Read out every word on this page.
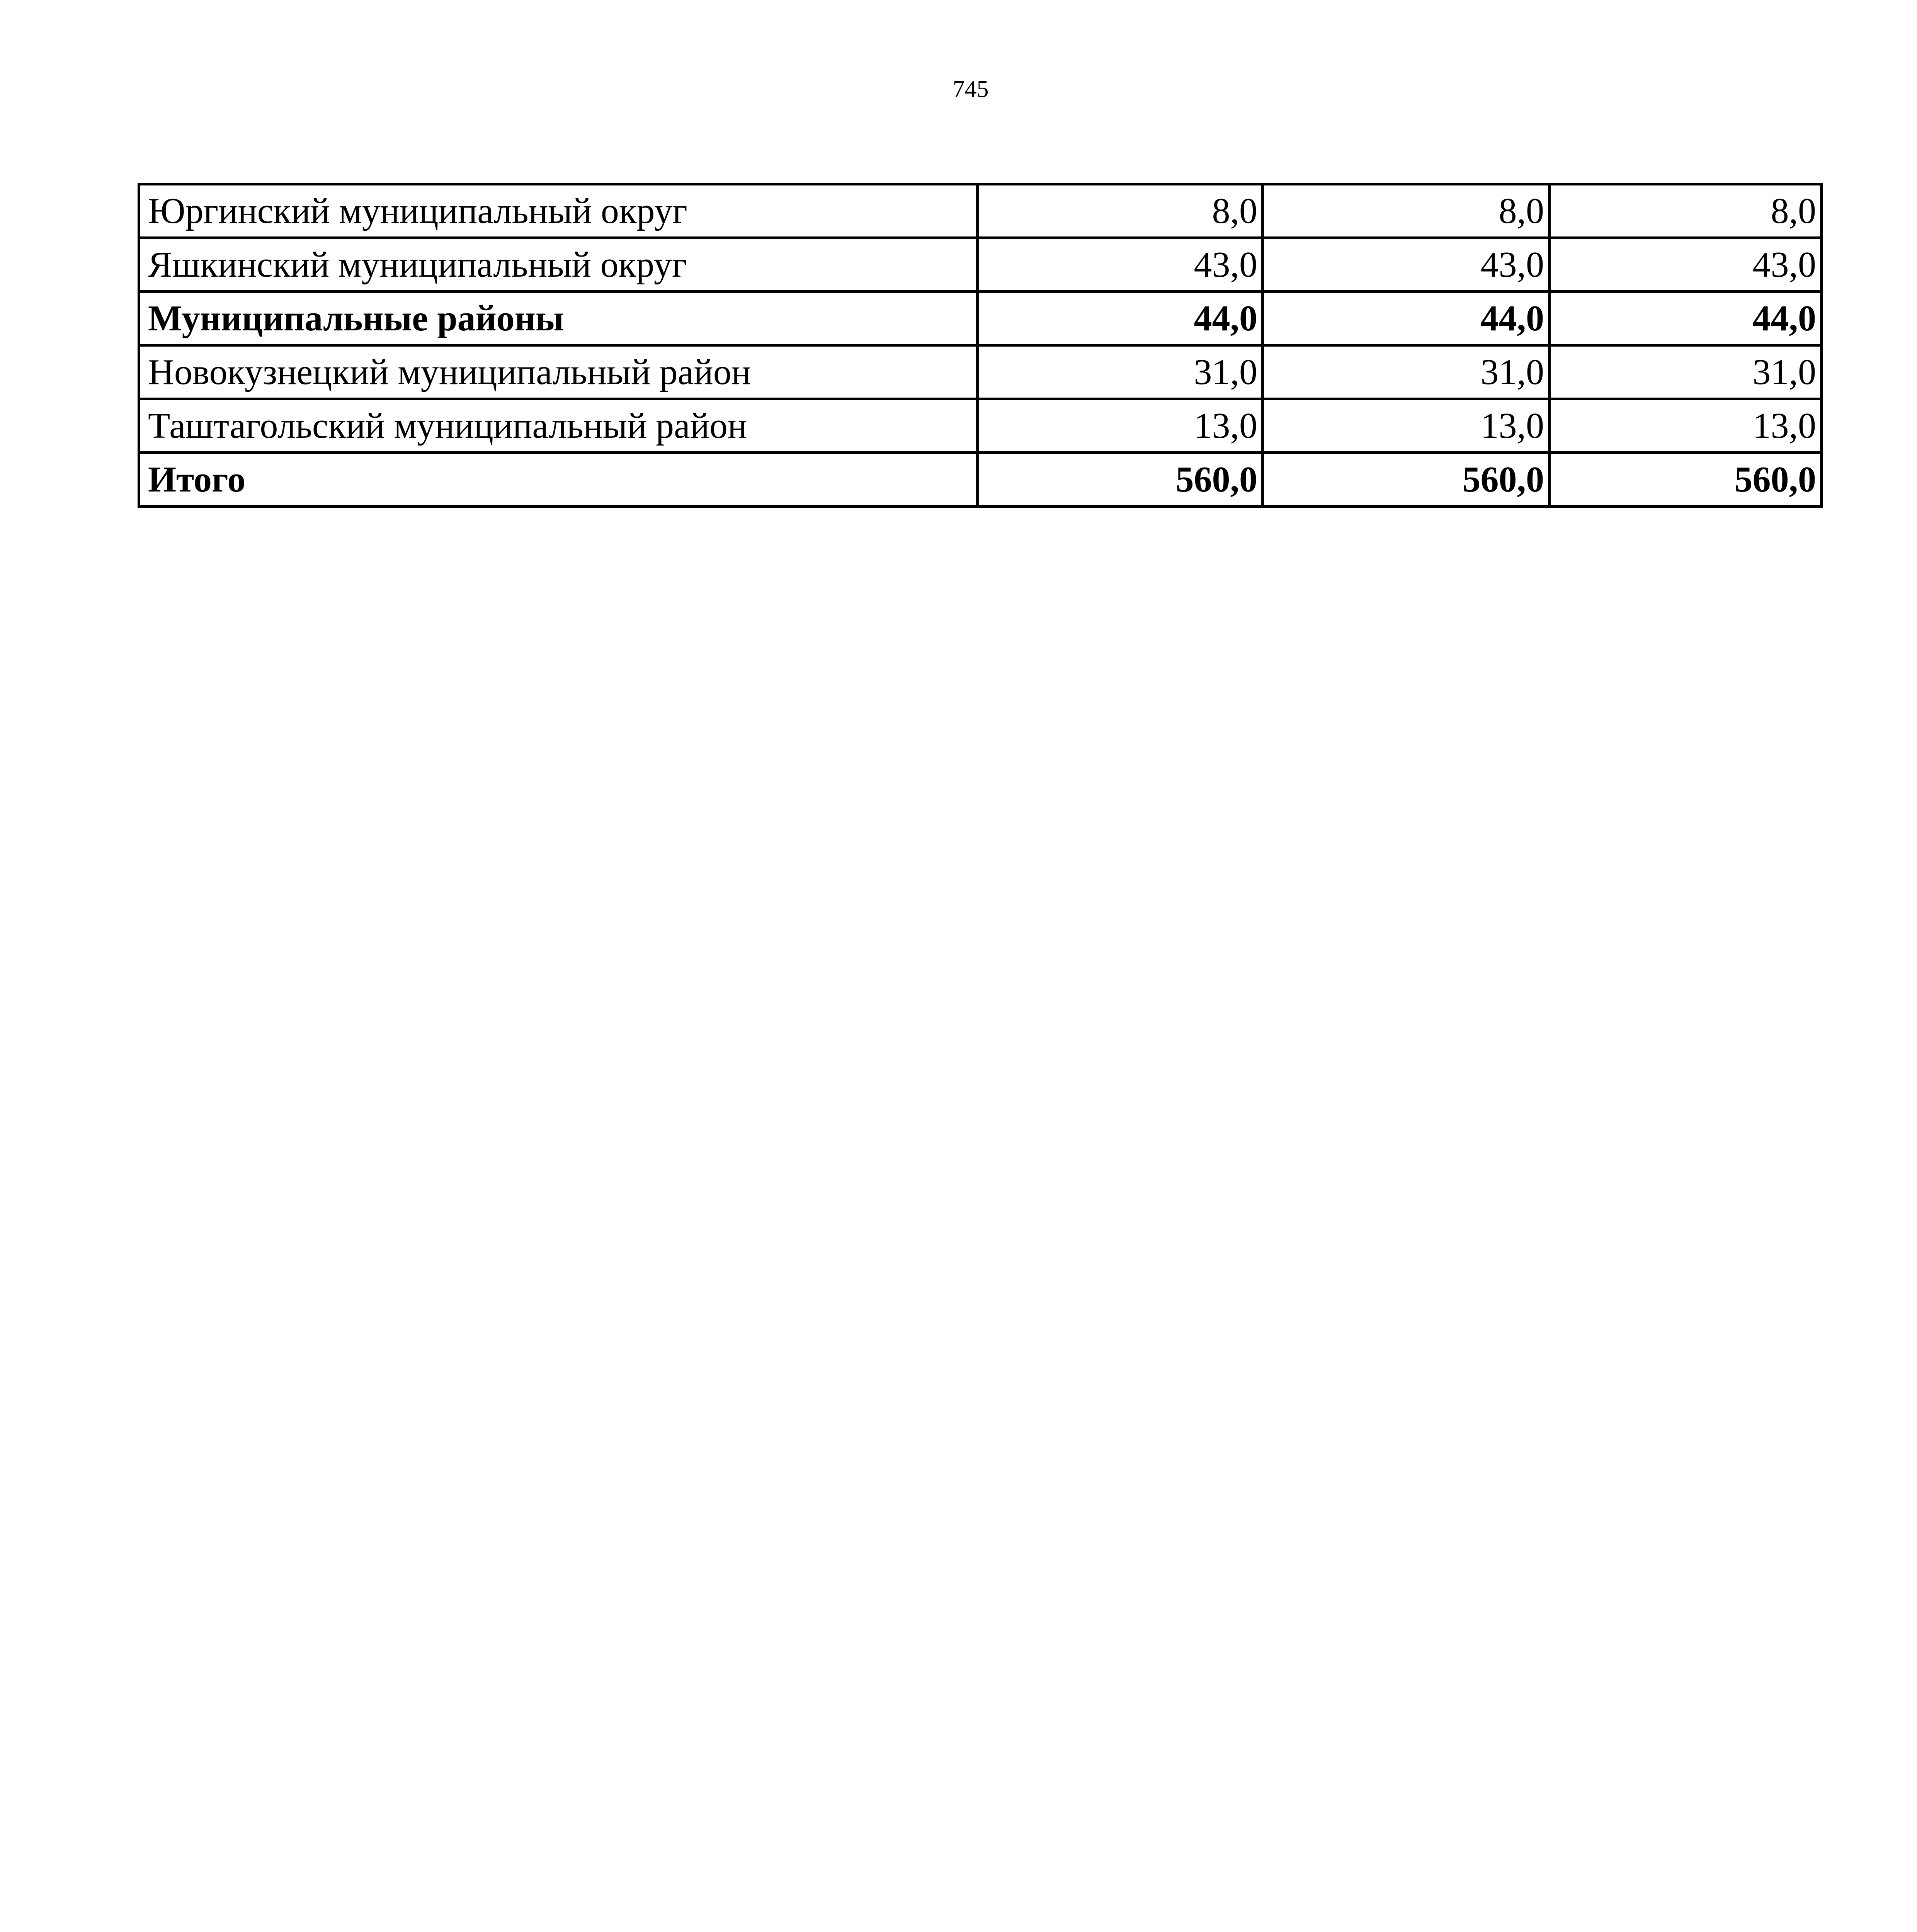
745
Юргинский муниципальный округ	8,0	8,0	8,0
Яшкинский муниципальный округ	43,0	43,0	43,0
Муниципальные районы	44,0	44,0	44,0
Новокузнецкий муниципальный район	31,0	31,0	31,0
Таштагольский муниципальный район	13,0	13,0	13,0
Итого	560,0	560,0	560,0
